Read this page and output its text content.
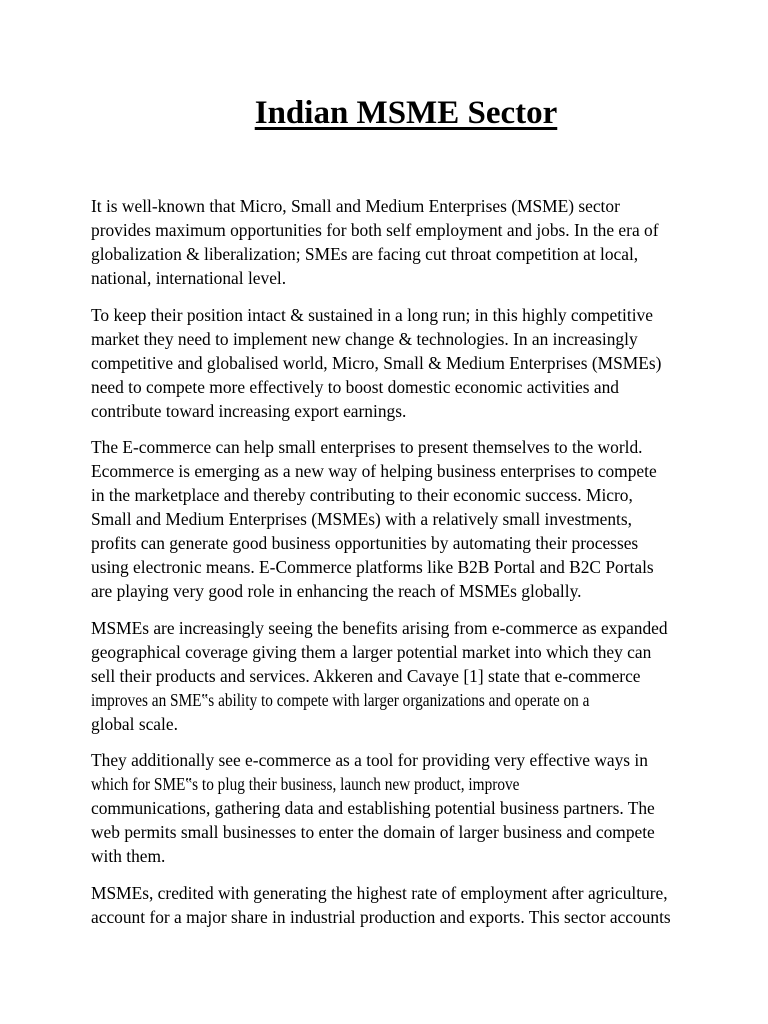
Indian MSME Sector
It is well-known that Micro, Small and Medium Enterprises (MSME) sector
provides maximum opportunities for both self employment and jobs. In the era of
globalization & liberalization; SMEs are facing cut throat competition at local,
national, international level.
To keep their position intact & sustained in a long run; in this highly competitive
market they need to implement new change & technologies. In an increasingly
competitive and globalised world, Micro, Small & Medium Enterprises (MSMEs)
need to compete more effectively to boost domestic economic activities and
contribute toward increasing export earnings.
The E-commerce can help small enterprises to present themselves to the world.
Ecommerce is emerging as a new way of helping business enterprises to compete
in the marketplace and thereby contributing to their economic success. Micro,
Small and Medium Enterprises (MSMEs) with a relatively small investments,
profits can generate good business opportunities by automating their processes
using electronic means. E-Commerce platforms like B2B Portal and B2C Portals
are playing very good role in enhancing the reach of MSMEs globally.
MSMEs are increasingly seeing the benefits arising from e-commerce as expanded
geographical coverage giving them a larger potential market into which they can
sell their products and services. Akkeren and Cavaye [1] state that e-commerce
improves an SME‟s ability to compete with larger organizations and operate on a
global scale.
They additionally see e-commerce as a tool for providing very effective ways in
which for SME‟s to plug their business, launch new product, improve
communications, gathering data and establishing potential business partners. The
web permits small businesses to enter the domain of larger business and compete
with them.
MSMEs, credited with generating the highest rate of employment after agriculture,
account for a major share in industrial production and exports. This sector accounts
